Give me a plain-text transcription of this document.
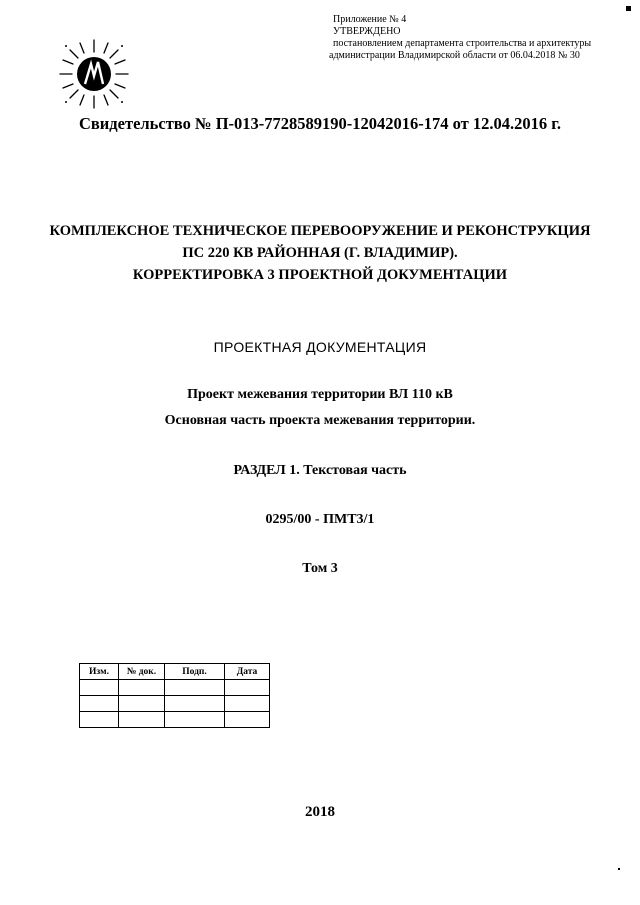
Приложение № 4
УТВЕРЖДЕНО
постановлением департамента строительства и архитектуры
администрации Владимирской области от 06.04.2018 № 30
Свидетельство № П-013-7728589190-12042016-174 от 12.04.2016 г.
КОМПЛЕКСНОЕ ТЕХНИЧЕСКОЕ ПЕРЕВООРУЖЕНИЕ И РЕКОНСТРУКЦИЯ
ПС 220 КВ РАЙОННАЯ (Г. ВЛАДИМИР).
КОРРЕКТИРОВКА 3 ПРОЕКТНОЙ ДОКУМЕНТАЦИИ
ПРОЕКТНАЯ ДОКУМЕНТАЦИЯ
Проект межевания территории ВЛ 110 кВ
Основная часть проекта межевания территории.
РАЗДЕЛ 1. Текстовая часть
0295/00 - ПМТ3/1
Том 3
Изм.	№ док.	Подп.	Дата

2018
